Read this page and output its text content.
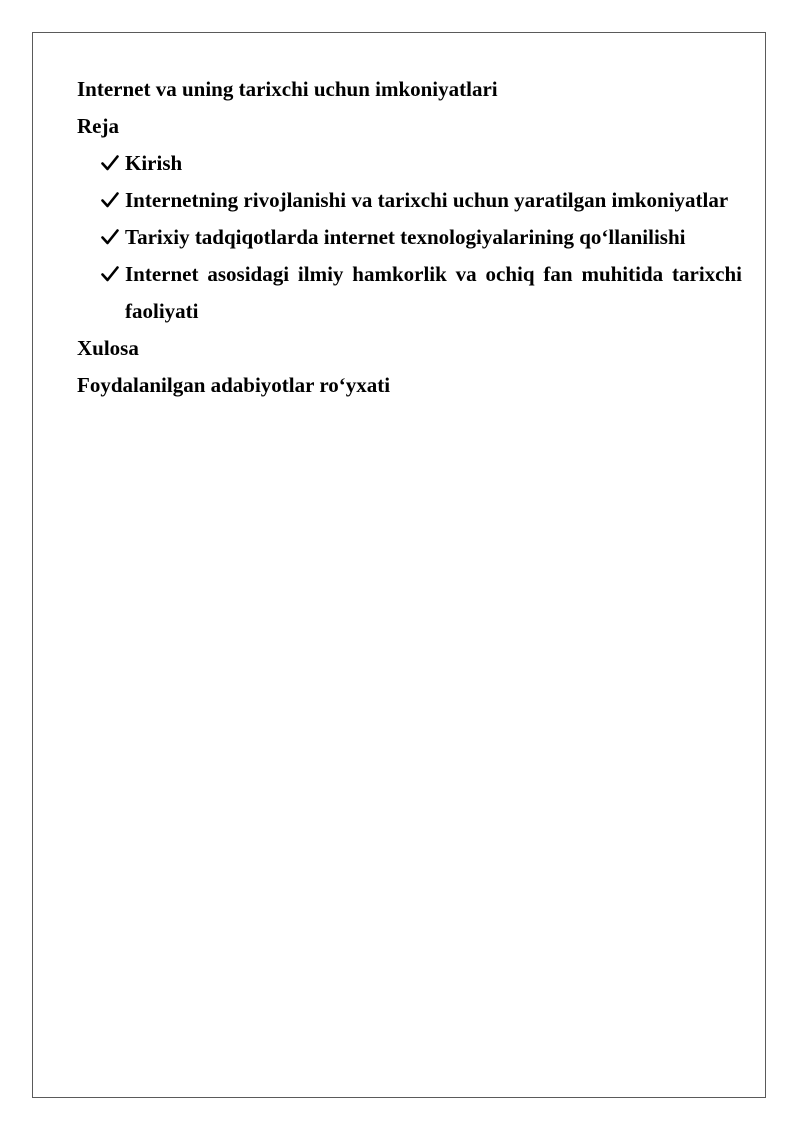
Internet va uning tarixchi uchun imkoniyatlari
Reja
Kirish
Internetning rivojlanishi va tarixchi uchun yaratilgan imkoniyatlar
Tarixiy tadqiqotlarda internet texnologiyalarining qo‘llanilishi
Internet asosidagi ilmiy hamkorlik va ochiq fan muhitida tarixchi faoliyati
Xulosa
Foydalanilgan adabiyotlar ro‘yxati
